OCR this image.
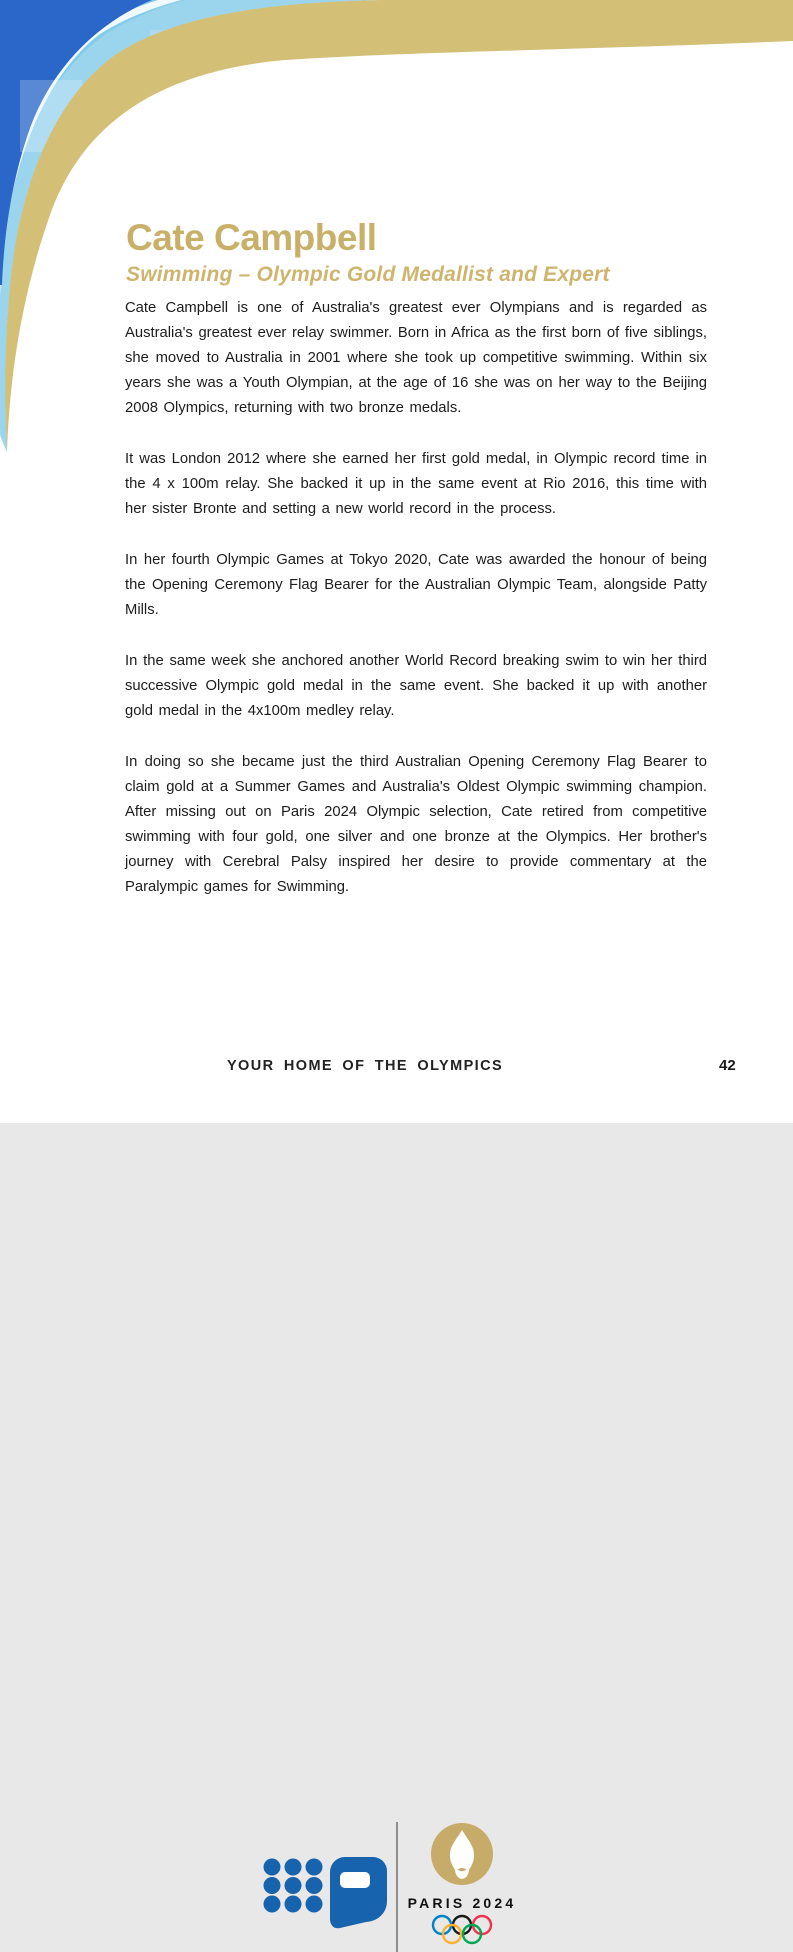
Cate Campbell
Swimming – Olympic Gold Medallist and Expert

Cate Campbell is one of Australia's greatest ever Olympians and is regarded as Australia's greatest ever relay swimmer. Born in Africa as the first born of five siblings, she moved to Australia in 2001 where she took up competitive swimming. Within six years she was a Youth Olympian, at the age of 16 she was on her way to the Beijing 2008 Olympics, returning with two bronze medals.

It was London 2012 where she earned her first gold medal, in Olympic record time in the 4 x 100m relay. She backed it up in the same event at Rio 2016, this time with her sister Bronte and setting a new world record in the process.

In her fourth Olympic Games at Tokyo 2020, Cate was awarded the honour of being the Opening Ceremony Flag Bearer for the Australian Olympic Team, alongside Patty Mills.

In the same week she anchored another World Record breaking swim to win her third successive Olympic gold medal in the same event. She backed it up with another gold medal in the 4x100m medley relay.

In doing so she became just the third Australian Opening Ceremony Flag Bearer to claim gold at a Summer Games and Australia's Oldest Olympic swimming champion. After missing out on Paris 2024 Olympic selection, Cate retired from competitive swimming with four gold, one silver and one bronze at the Olympics. Her brother's journey with Cerebral Palsy inspired her desire to provide commentary at the Paralympic games for Swimming.

PARIS 2024
YOUR HOME OF THE OLYMPICS	42
